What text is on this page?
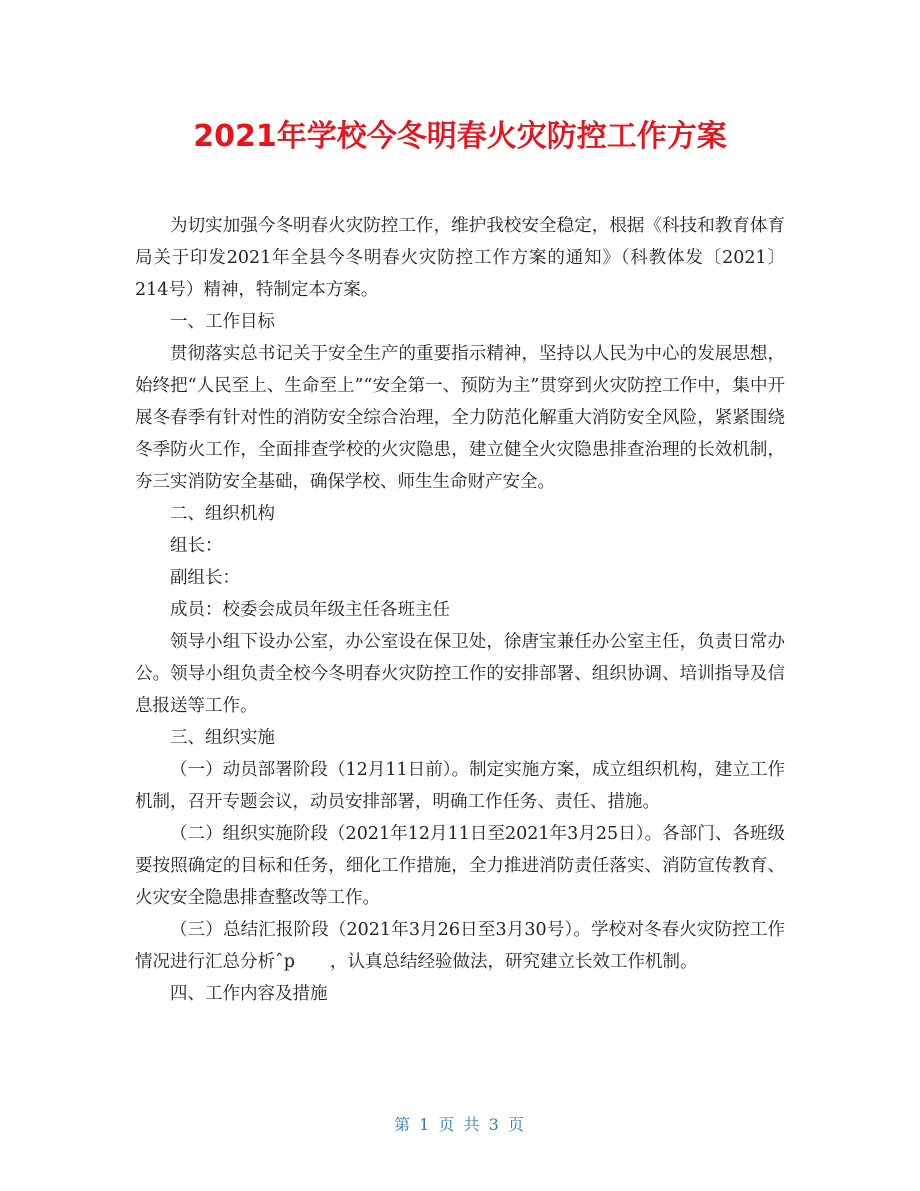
2021年学校今冬明春火灾防控工作方案

为切实加强今冬明春火灾防控工作，维护我校安全稳定，根据《科技和教育体育局关于印发2021年全县今冬明春火灾防控工作方案的通知》（科教体发〔2021〕214号）精神，特制定本方案。

一、工作目标

贯彻落实总书记关于安全生产的重要指示精神，坚持以人民为中心的发展思想，始终把“人民至上、生命至上”“安全第一、预防为主”贯穿到火灾防控工作中，集中开展冬春季有针对性的消防安全综合治理，全力防范化解重大消防安全风险，紧紧围绕冬季防火工作，全面排查学校的火灾隐患，建立健全火灾隐患排查治理的长效机制，夯三实消防安全基础，确保学校、师生生命财产安全。

二、组织机构

组长：

副组长：

成员：校委会成员年级主任各班主任

领导小组下设办公室，办公室设在保卫处，徐唐宝兼任办公室主任，负责日常办公。领导小组负责全校今冬明春火灾防控工作的安排部署、组织协调、培训指导及信息报送等工作。

三、组织实施

（一）动员部署阶段（12月11日前）。制定实施方案，成立组织机构，建立工作机制，召开专题会议，动员安排部署，明确工作任务、责任、措施。

（二）组织实施阶段（2021年12月11日至2021年3月25日）。各部门、各班级要按照确定的目标和任务，细化工作措施，全力推进消防责任落实、消防宣传教育、火灾安全隐患排查整改等工作。

（三）总结汇报阶段（2021年3月26日至3月30号）。学校对冬春火灾防控工作情况进行汇总分析ˆp　　，认真总结经验做法，研究建立长效工作机制。

四、工作内容及措施

第 1 页 共 3 页
